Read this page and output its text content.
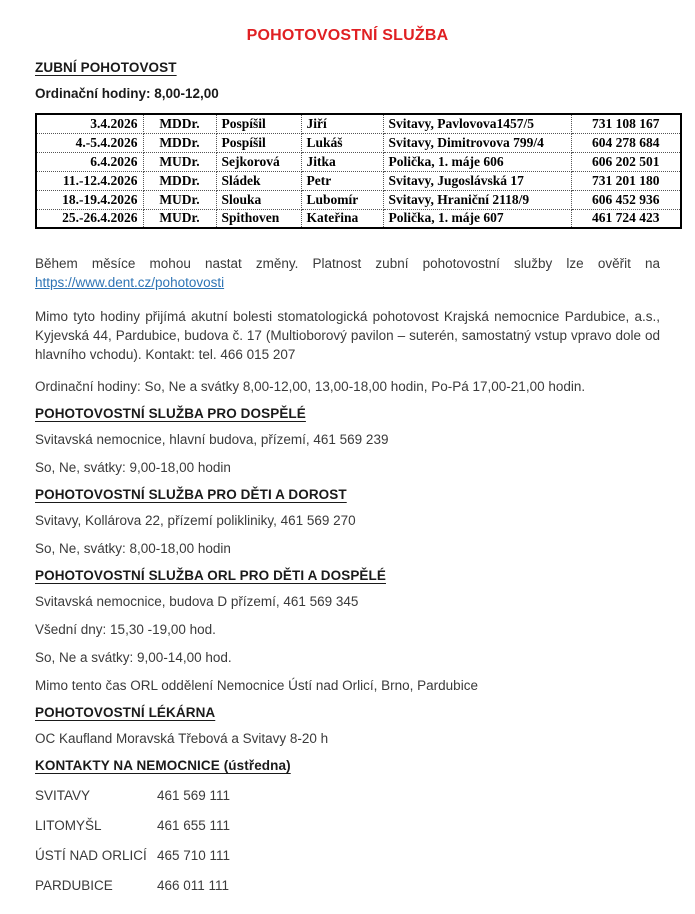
POHOTOVOSTNÍ SLUŽBA
ZUBNÍ POHOTOVOST
Ordinační hodiny: 8,00-12,00
3.4.2026	MDDr.	Pospíšil	Jiří	Svitavy, Pavlovova1457/5	731 108 167
4.-5.4.2026	MDDr.	Pospíšil	Lukáš	Svitavy, Dimitrovova 799/4	604 278 684
6.4.2026	MUDr.	Sejkorová	Jitka	Polička, 1. máje 606	606 202 501
11.-12.4.2026	MDDr.	Sládek	Petr	Svitavy, Jugoslávská 17	731 201 180
18.-19.4.2026	MUDr.	Slouka	Lubomír	Svitavy, Hraniční 2118/9	606 452 936
25.-26.4.2026	MUDr.	Spithoven	Kateřina	Polička, 1. máje 607	461 724 423

Během měsíce mohou nastat změny. Platnost zubní pohotovostní služby lze ověřit na
https://www.dent.cz/pohotovosti

Mimo tyto hodiny přijímá akutní bolesti stomatologická pohotovost Krajská nemocnice Pardubice, a.s.,
Kyjevská 44, Pardubice, budova č. 17 (Multioborový pavilon – suterén, samostatný vstup vpravo dole od
hlavního vchodu). Kontakt: tel. 466 015 207

Ordinační hodiny: So, Ne a svátky 8,00-12,00, 13,00-18,00 hodin, Po-Pá 17,00-21,00 hodin.
POHOTOVOSTNÍ SLUŽBA PRO DOSPĚLÉ
Svitavská nemocnice, hlavní budova, přízemí, 461 569 239
So, Ne, svátky: 9,00-18,00 hodin
POHOTOVOSTNÍ SLUŽBA PRO DĚTI A DOROST
Svitavy, Kollárova 22, přízemí polikliniky, 461 569 270
So, Ne, svátky: 8,00-18,00 hodin
POHOTOVOSTNÍ SLUŽBA ORL PRO DĚTI A DOSPĚLÉ
Svitavská nemocnice, budova D přízemí, 461 569 345
Všední dny: 15,30 -19,00 hod.
So, Ne a svátky: 9,00-14,00 hod.
Mimo tento čas ORL oddělení Nemocnice Ústí nad Orlicí, Brno, Pardubice
POHOTOVOSTNÍ LÉKÁRNA
OC Kaufland Moravská Třebová a Svitavy 8-20 h
KONTAKTY NA NEMOCNICE (ústředna)
SVITAVY	461 569 111
LITOMYŠL	461 655 111
ÚSTÍ NAD ORLICÍ 465 710 111
PARDUBICE	466 011 111
